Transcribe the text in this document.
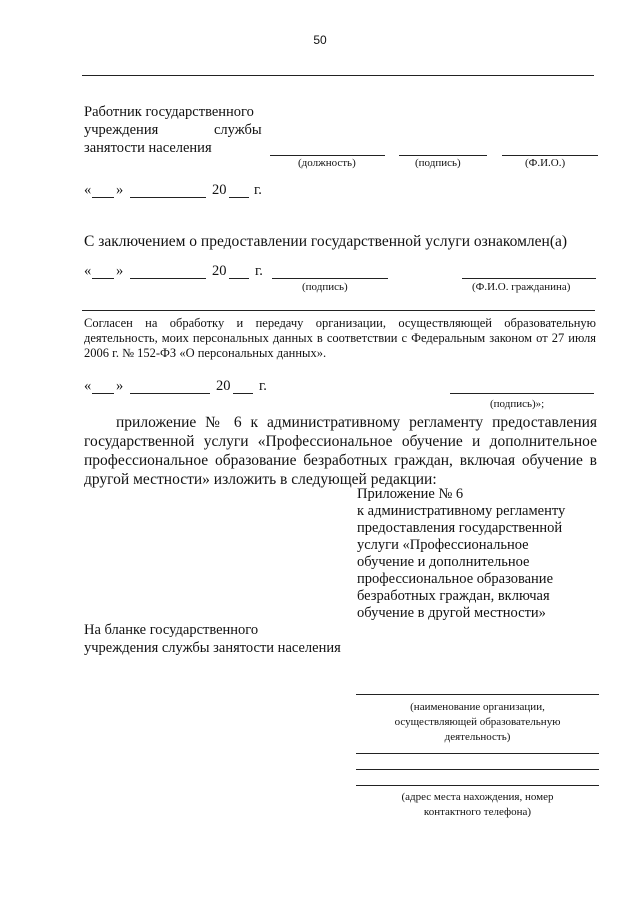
50
Работник государственного
учреждения	службы
занятости населения
(должность)	(подпись)	(Ф.И.О.)
« »	20 г.
С заключением о предоставлении государственной услуги ознакомлен(а)
« »	20 г.
(подпись)	(Ф.И.О. гражданина)
Согласен на обработку и передачу организации, осуществляющей образовательную деятельность, моих персональных данных в соответствии с Федеральным законом от 27 июля 2006 г. № 152-ФЗ «О персональных данных».
« »	20 г.
(подпись)»;
приложение № 6 к административному регламенту предоставления государственной услуги «Профессиональное обучение и дополнительное профессиональное образование безработных граждан, включая обучение в другой местности» изложить в следующей редакции:
Приложение № 6
к административному регламенту
предоставления государственной
услуги «Профессиональное
обучение и дополнительное
профессиональное образование
безработных граждан, включая
обучение в другой местности»
На бланке государственного
учреждения службы занятости населения
(наименование организации,
осуществляющей образовательную
деятельность)
(адрес места нахождения, номер
контактного телефона)
